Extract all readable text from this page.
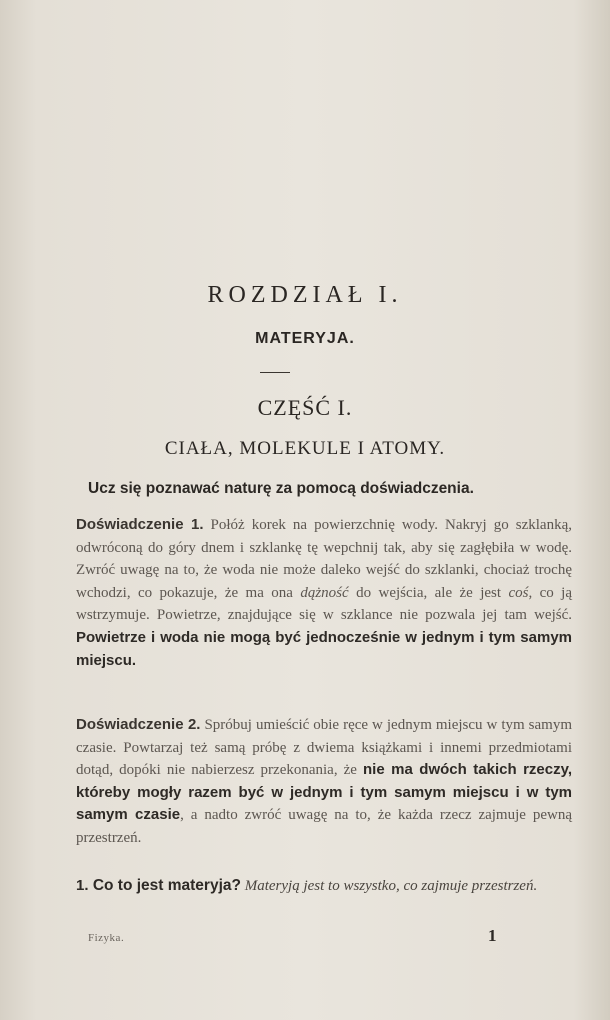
ROZDZIAŁ I.
MATERYJA.
CZĘŚĆ I.
CIAŁA, MOLEKULE I ATOMY.

Ucz się poznawać naturę za pomocą doświadczenia.

Doświadczenie 1. Połóż korek na powierzchnię wody. Nakryj go szklanką, odwróconą do góry dnem i szklankę tę wepchnij tak, aby się zagłębiła w wodę. Zwróć uwagę na to, że woda nie może daleko wejść do szklanki, chociaż trochę wchodzi, co pokazuje, że ma ona dążność do wejścia, ale że jest coś, co ją wstrzymuje. Powietrze, znajdujące się w szklance nie pozwala jej tam wejść. Powietrze i woda nie mogą być jednocześnie w jednym i tym samym miejscu.

Doświadczenie 2. Spróbuj umieścić obie ręce w jednym miejscu w tym samym czasie. Powtarzaj też samą próbę z dwiema książkami i innemi przedmiotami dotąd, dopóki nie nabierzesz przekonania, że nie ma dwóch takich rzeczy, któreby mogły razem być w jednym i tym samym miejscu i w tym samym czasie, a nadto zwróć uwagę na to, że każda rzecz zajmuje pewną przestrzeń.

1. Co to jest materyja? Materyją jest to wszystko, co zajmuje przestrzeń.

Fizyka.	1
